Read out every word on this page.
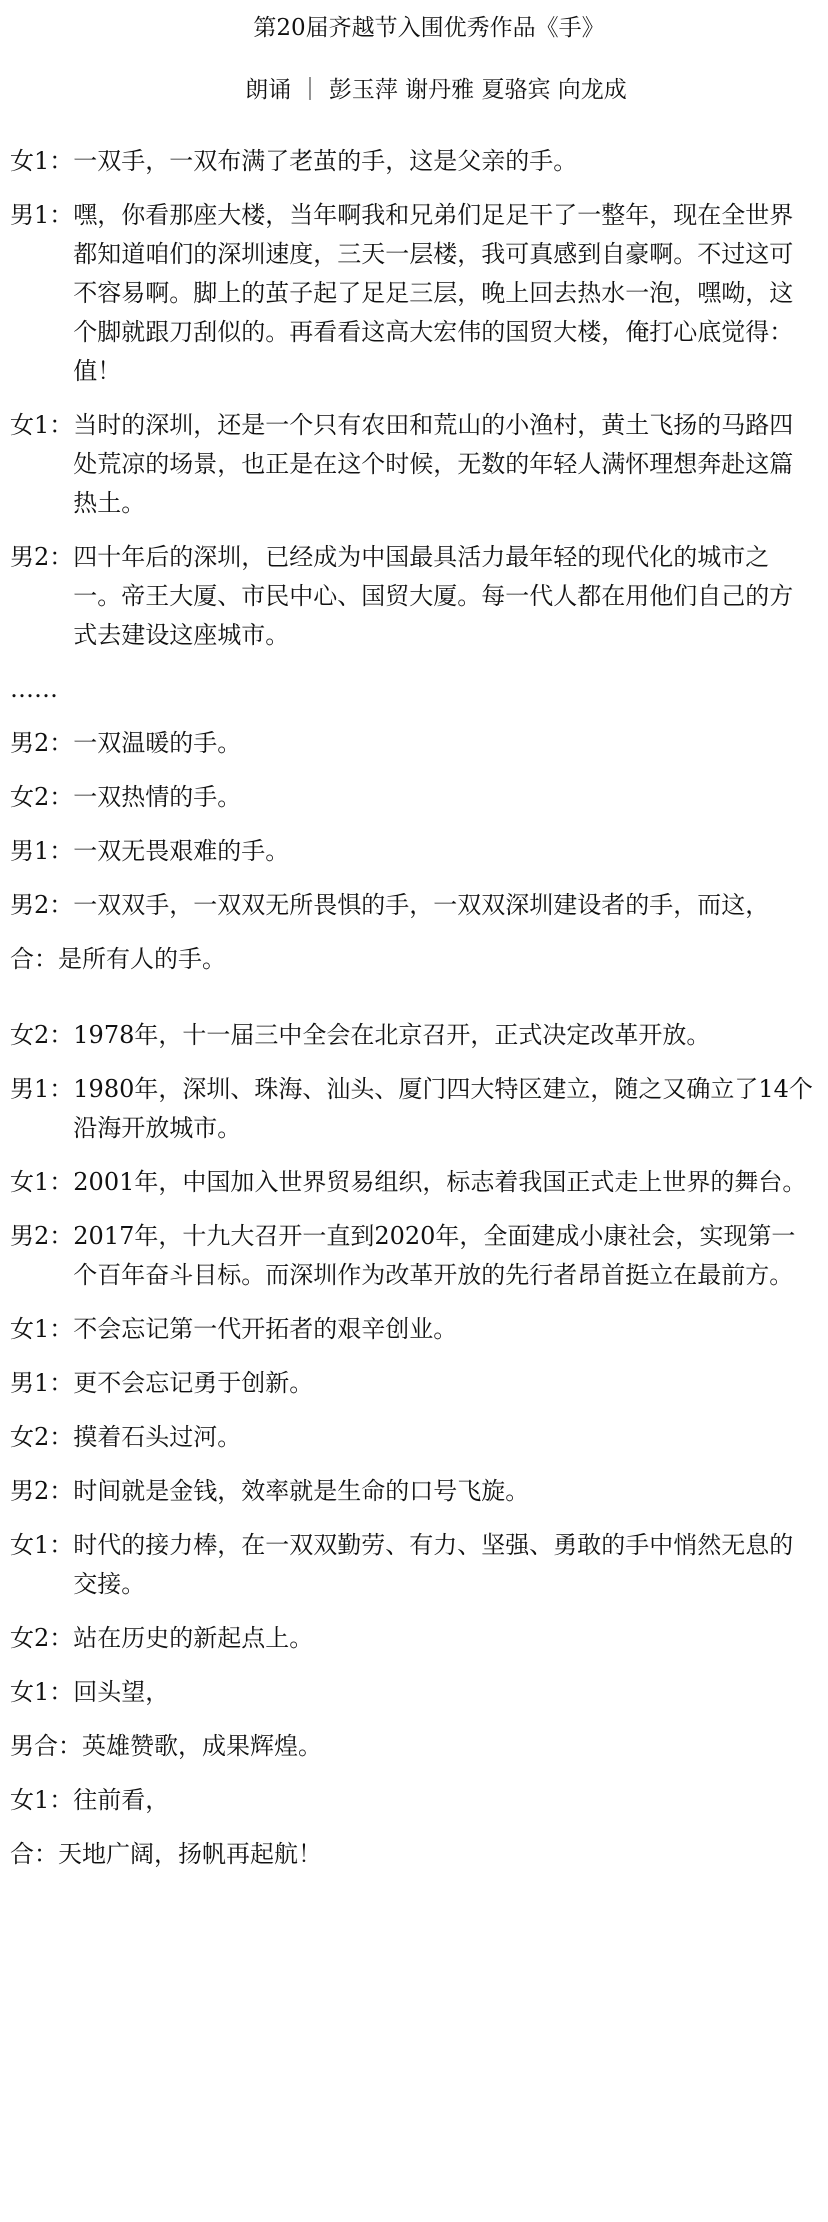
第20届齐越节入围优秀作品《手》
朗诵 ｜ 彭玉萍 谢丹雅 夏骆宾 向龙成
女1： 一双手，一双布满了老茧的手，这是父亲的手。
男1： 嘿，你看那座大楼，当年啊我和兄弟们足足干了一整年，现在全世界都知道咱们的深圳速度，三天一层楼，我可真感到自豪啊。不过这可不容易啊。脚上的茧子起了足足三层，晚上回去热水一泡，嘿呦，这个脚就跟刀刮似的。再看看这高大宏伟的国贸大楼，俺打心底觉得：值！
女1： 当时的深圳，还是一个只有农田和荒山的小渔村，黄土飞扬的马路四处荒凉的场景，也正是在这个时候，无数的年轻人满怀理想奔赴这篇热土。
男2： 四十年后的深圳，已经成为中国最具活力最年轻的现代化的城市之一。帝王大厦、市民中心、国贸大厦。每一代人都在用他们自己的方式去建设这座城市。
……
男2： 一双温暖的手。
女2： 一双热情的手。
男1： 一双无畏艰难的手。
男2： 一双双手，一双双无所畏惧的手，一双双深圳建设者的手，而这，
合： 是所有人的手。
女2： 1978年，十一届三中全会在北京召开，正式决定改革开放。
男1： 1980年，深圳、珠海、汕头、厦门四大特区建立，随之又确立了14个沿海开放城市。
女1： 2001年，中国加入世界贸易组织，标志着我国正式走上世界的舞台。
男2： 2017年，十九大召开一直到2020年，全面建成小康社会，实现第一个百年奋斗目标。而深圳作为改革开放的先行者昂首挺立在最前方。
女1： 不会忘记第一代开拓者的艰辛创业。
男1： 更不会忘记勇于创新。
女2： 摸着石头过河。
男2： 时间就是金钱，效率就是生命的口号飞旋。
女1： 时代的接力棒，在一双双勤劳、有力、坚强、勇敢的手中悄然无息的交接。
女2： 站在历史的新起点上。
女1： 回头望，
男合： 英雄赞歌，成果辉煌。
女1： 往前看，
合： 天地广阔，扬帆再起航！
